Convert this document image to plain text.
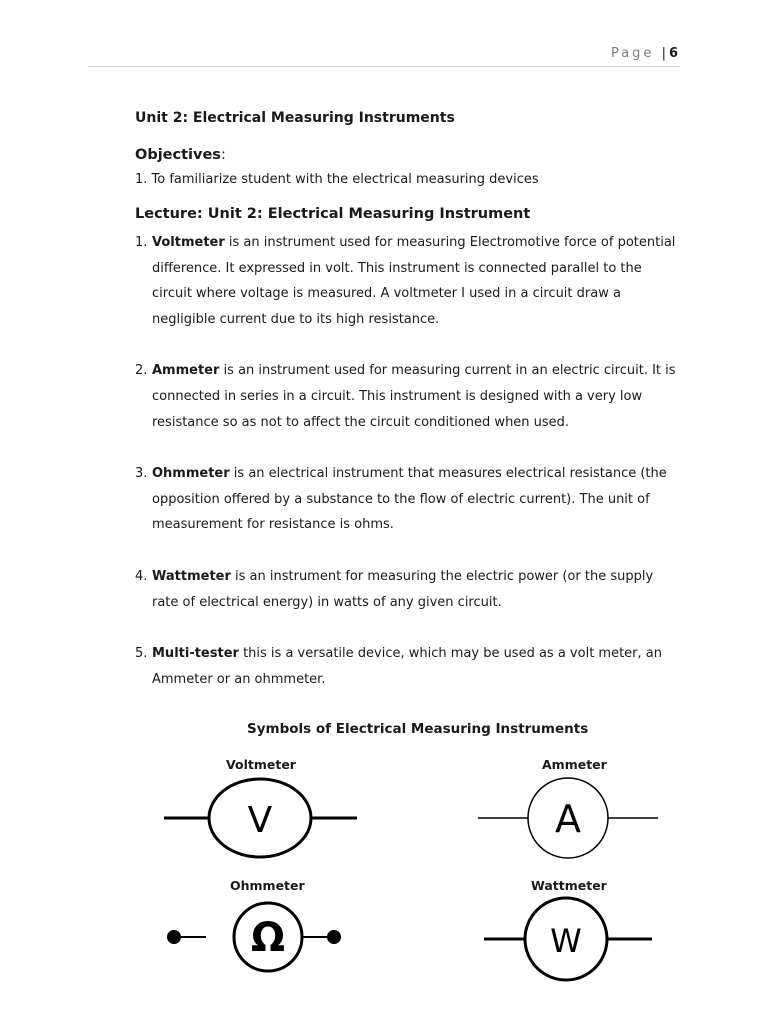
Page | 6
Unit 2: Electrical Measuring Instruments
Objectives:

1. To familiarize student with the electrical measuring devices

Lecture: Unit 2: Electrical Measuring Instrument
1. Voltmeter is an instrument used for measuring Electromotive force of potential difference. It expressed in volt. This instrument is connected parallel to the circuit where voltage is measured. A voltmeter I used in a circuit draw a negligible current due to its high resistance.
2. Ammeter is an instrument used for measuring current in an electric circuit. It is connected in series in a circuit. This instrument is designed with a very low resistance so as not to affect the circuit conditioned when used.
3. Ohmmeter is an electrical instrument that measures electrical resistance (the opposition offered by a substance to the flow of electric current). The unit of measurement for resistance is ohms.
4. Wattmeter is an instrument for measuring the electric power (or the supply rate of electrical energy) in watts of any given circuit.
5. Multi-tester this is a versatile device, which may be used as a volt meter, an Ammeter or an ohmmeter.
Symbols of Electrical Measuring Instruments
Voltmeter
V
Ammeter
A
Ohmmeter
Ω
Wattmeter
W
